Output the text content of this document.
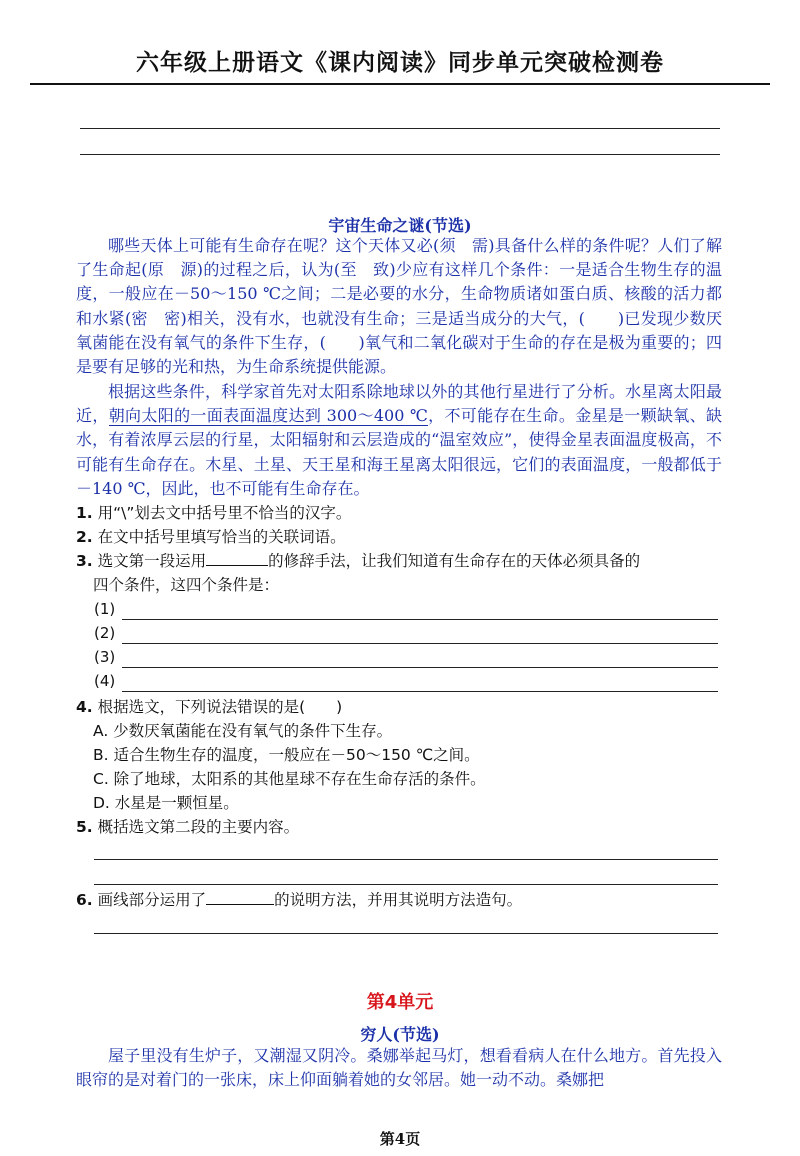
六年级上册语文《课内阅读》同步单元突破检测卷
宇宙生命之谜(节选)
哪些天体上可能有生命存在呢？这个天体又必(须　需)具备什么样的条件呢？人们了解了生命起(原　源)的过程之后，认为(至　致)少应有这样几个条件：一是适合生物生存的温度，一般应在－50～150 ℃之间；二是必要的水分，生命物质诸如蛋白质、核酸的活力都和水紧(密　密)相关，没有水，也就没有生命；三是适当成分的大气，(　　)已发现少数厌氧菌能在没有氧气的条件下生存，(　　)氧气和二氧化碳对于生命的存在是极为重要的；四是要有足够的光和热，为生命系统提供能源。
根据这些条件，科学家首先对太阳系除地球以外的其他行星进行了分析。水星离太阳最近，朝向太阳的一面表面温度达到 300～400 ℃，不可能存在生命。金星是一颗缺氧、缺水，有着浓厚云层的行星，太阳辐射和云层造成的“温室效应”，使得金星表面温度极高，不可能有生命存在。木星、土星、天王星和海王星离太阳很远，它们的表面温度，一般都低于－140 ℃，因此，也不可能有生命存在。
1. 用“\”划去文中括号里不恰当的汉字。
2. 在文中括号里填写恰当的关联词语。
3. 选文第一段运用	的修辞手法，让我们知道有生命存在的天体必须具备的
四个条件，这四个条件是：
(1)
(2)
(3)
(4)
4. 根据选文，下列说法错误的是(　　)
A. 少数厌氧菌能在没有氧气的条件下生存。
B. 适合生物生存的温度，一般应在－50～150 ℃之间。
C. 除了地球，太阳系的其他星球不存在生命存活的条件。
D. 水星是一颗恒星。
5. 概括选文第二段的主要内容。
6. 画线部分运用了	的说明方法，并用其说明方法造句。
第4单元
穷人(节选)
屋子里没有生炉子，又潮湿又阴冷。桑娜举起马灯，想看看病人在什么地方。首先投入眼帘的是对着门的一张床，床上仰面躺着她的女邻居。她一动不动。桑娜把
第4页
